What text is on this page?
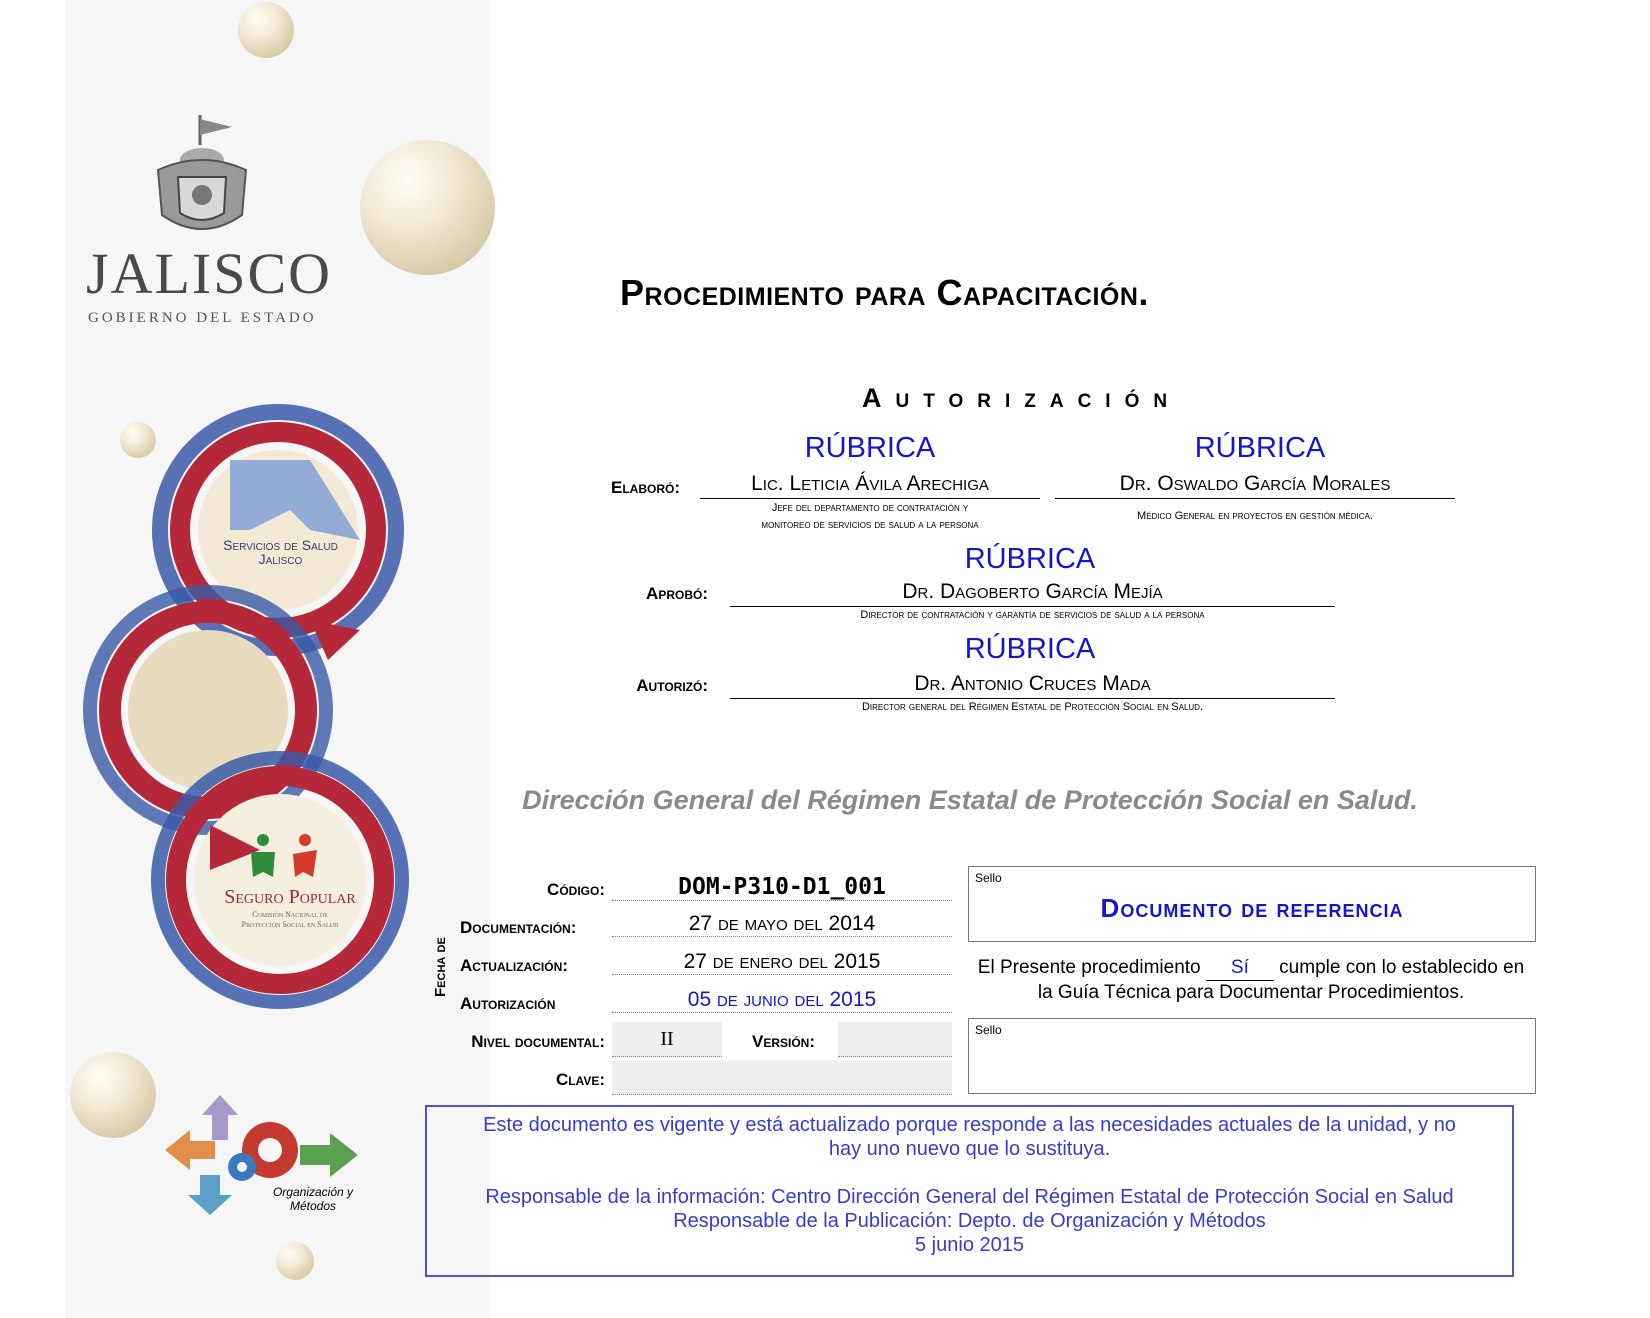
JALISCO
GOBIERNO DEL ESTADO
Servicios de Salud
Jalisco
Seguro Popular
Comisión Nacional de
Protección Social en Salud
Organización y
Métodos
Procedimiento para Capacitación.
Autorización
RÚBRICA	RÚBRICA
Elaboró:	Lic. Leticia Ávila Arechiga	Dr. Oswaldo García Morales
Jefe del departamento de contratación y
monitoreo de servicios de salud a la persona
Médico General en proyectos en gestión médica.
RÚBRICA
Aprobó:	Dr. Dagoberto García Mejía
Director de contratación y garantía de servicios de salud a la persona
RÚBRICA
Autorizó:	Dr. Antonio Cruces Mada
Director general del Régimen Estatal de Protección Social en Salud.
Dirección General del Régimen Estatal de Protección Social en Salud.
Código:	DOM-P310-D1_001
Fecha de
Documentación:	27 de mayo del 2014
Actualización:	27 de enero del 2015
Autorización	05 de junio del 2015
Nivel documental:	II	Versión:
Clave:
Sello
Documento de referencia
El Presente procedimiento Sí cumple con lo establecido en
la Guía Técnica para Documentar Procedimientos.
Sello
Este documento es vigente y está actualizado porque responde a las necesidades actuales de la unidad, y no
hay uno nuevo que lo sustituya.
Responsable de la información: Centro Dirección General del Régimen Estatal de Protección Social en Salud
Responsable de la Publicación: Depto. de Organización y Métodos
5 junio 2015
